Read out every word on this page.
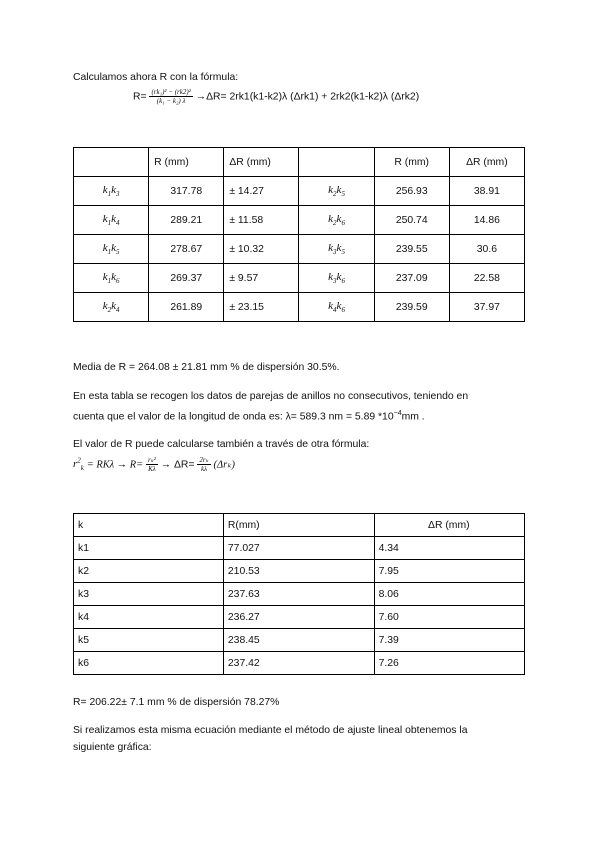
Calculamos ahora R con la fórmula:
$R= \frac{\text{(rk₁)² − (rk2)²}}{\text{(k₁ − k₂) λ}} \to\Delta R= 2rk1(k1-k2)\lambda$ (Δrk1) + 2rk2(k1-k2)λ (Δrk2)
	R (mm)	ΔR (mm)		R (mm)	ΔR (mm)
$k_1k_3$	317.78	± 14.27	$k_2k_5$	256.93	38.91
$k_1k_4$	289.21	± 11.58	$k_2k_6$	250.74	14.86
$k_1k_5$	278.67	± 10.32	$k_3k_5$	239.55	30.6
$k_1k_6$	269.37	± 9.57	$k_3k_6$	237.09	22.58
$k_2k_4$	261.89	± 23.15	$k_4k_6$	239.59	37.97
Media de R = 264.08 ± 21.81 mm % de dispersión 30.5%.
En esta tabla se recogen los datos de parejas de anillos no consecutivos, teniendo en
cuenta que el valor de la longitud de onda es: λ= 589.3 nm = 5.89 $*10^{-4}mm$ .
El valor de R puede calcularse también a través de otra fórmula:
$r^2_k = RK\lambda \to R= \frac{\text{rₖ²}}{K\lambda} \to \Delta R= \frac{\text{2rₖ}}{k\lambda} (\Delta r_k)$
k	R(mm)	ΔR (mm)
k1	77.027	4.34
k2	210.53	7.95
k3	237.63	8.06
k4	236.27	7.60
k5	238.45	7.39
k6	237.42	7.26
R= 206.22± 7.1 mm % de dispersión 78.27%
Si realizamos esta misma ecuación mediante el método de ajuste lineal obtenemos la
siguiente gráfica:
